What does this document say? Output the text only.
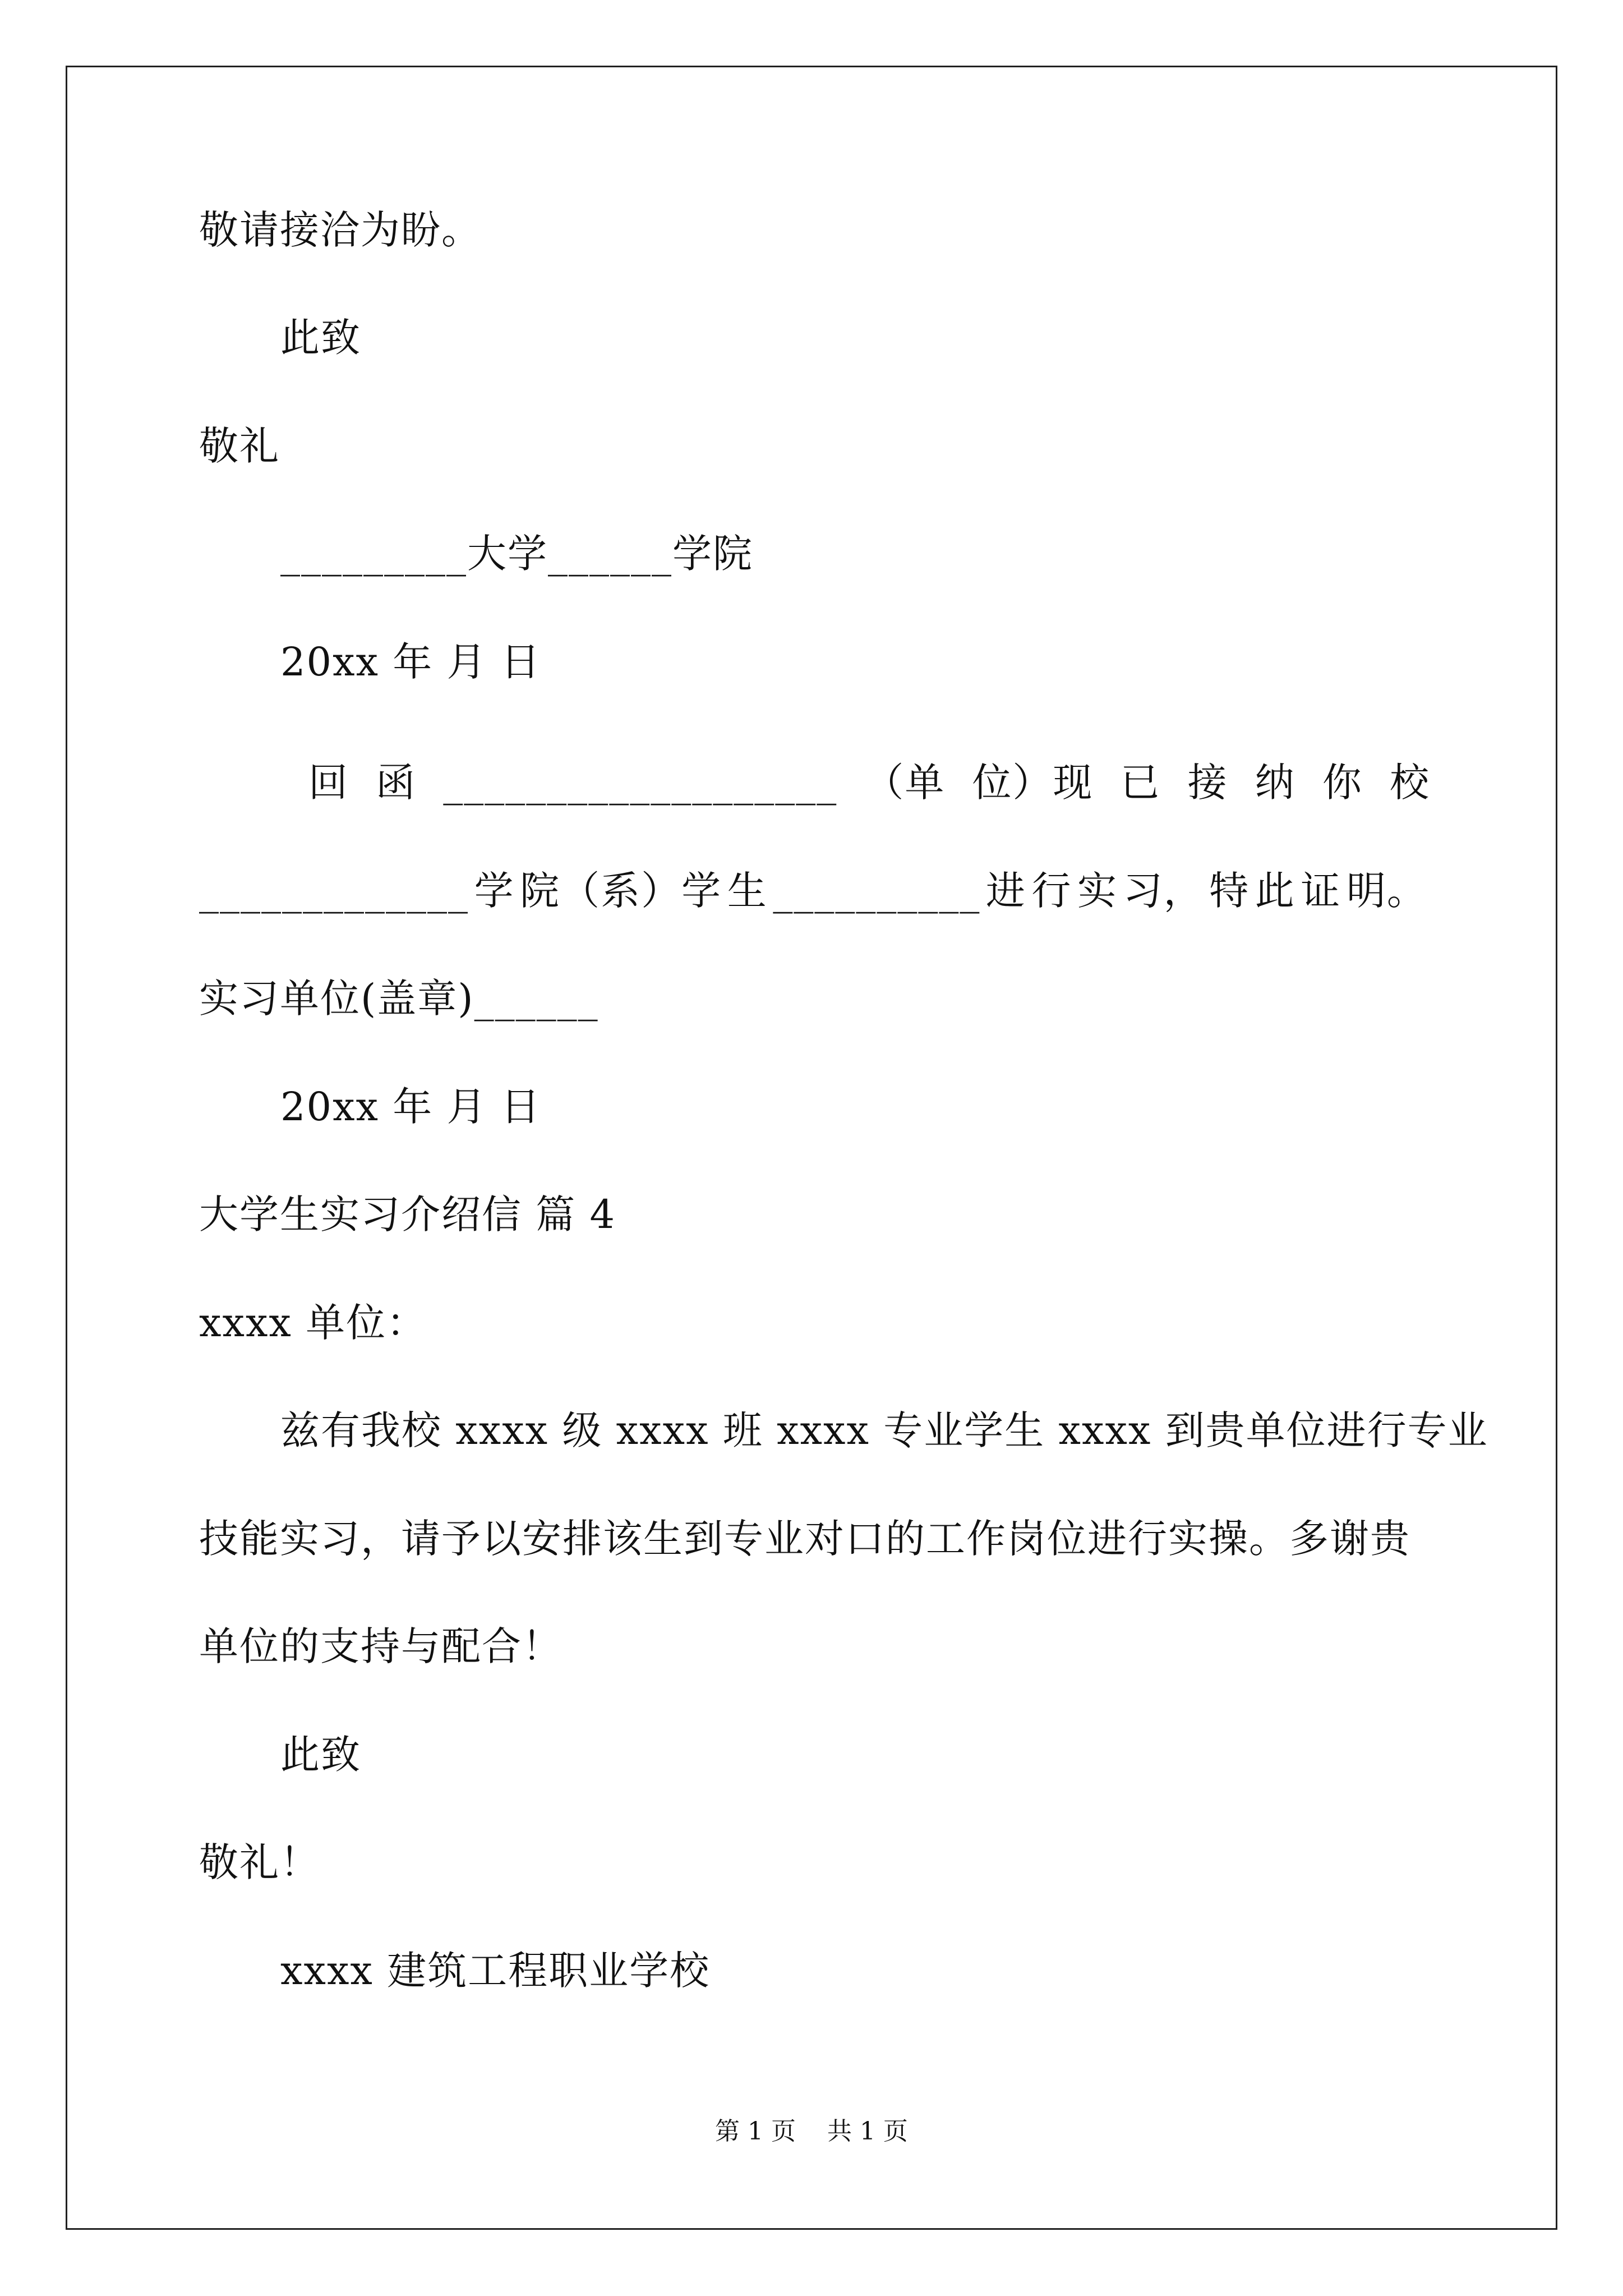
敬请接洽为盼。
此致
敬礼
_________大学______学院
20xx 年 月 日
回 函 ___________________ （单 位）现 已 接 纳 你 校
_____________ 学 院（系）学 生 __________ 进 行 实 习， 特 此 证 明。
实习单位(盖章)______
20xx 年 月 日
大学生实习介绍信 篇 4
xxxx 单位：
兹有我校 xxxx 级 xxxx 班 xxxx 专业学生 xxxx 到贵单位进行专业
技能实习，请予以安排该生到专业对口的工作岗位进行实操。多谢贵
单位的支持与配合！
此致
敬礼！
xxxx 建筑工程职业学校
第 1 页    共 1 页
